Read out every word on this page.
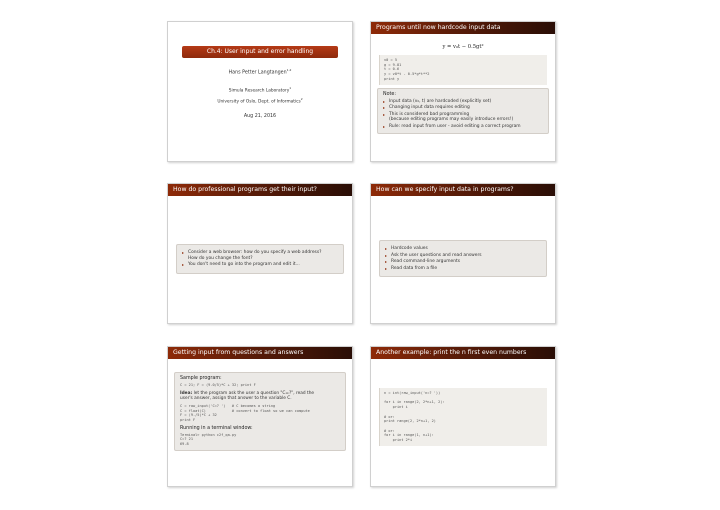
Ch.4: User input and error handling
Hans Petter Langtangen$^{1,2}$
Simula Research Laboratory$^1$
University of Oslo, Dept. of Informatics$^2$
Aug 21, 2016
Programs until now hardcode input data
y = v₀t − 0.5gt²
v0 = 5
g = 9.81
t = 0.6
y = v0*t - 0.5*g*t**2
print y
Note:
▸ Input data (v₀, t) are hardcoded (explicitly set)
▸ Changing input data requires editing
▸ This is considered bad programming
(because editing programs may easily introduce errors!)
▸ Rule: read input from user - avoid editing a correct program
How do professional programs get their input?
▸ Consider a web browser: how do you specify a web address?
How do you change the font?
▸ You don't need to go into the program and edit it...
How can we specify input data in programs?
▸ Hardcode values
▸ Ask the user questions and read answers
▸ Read command-line arguments
▸ Read data from a file
Getting input from questions and answers
Sample program:
C = 21; F = (9.0/5)*C + 32; print F
Idea: let the program ask the user a question "C=?", read the
user's answer, assign that answer to the variable C.
C = raw_input('C=? ')   # C becomes a string
C = float(C)            # convert to float so we can compute
F = (9./5)*C + 32
print F
Running in a terminal window:
Terminal> python c2f_qa.py
C=? 21
69.8
Another example: print the n first even numbers
n = int(raw_input('n=? '))

for i in range(2, 2*n+1, 2):
print i

# or:
print range(2, 2*n+1, 2)

# or:
for i in range(1, n+1):
print 2*i
